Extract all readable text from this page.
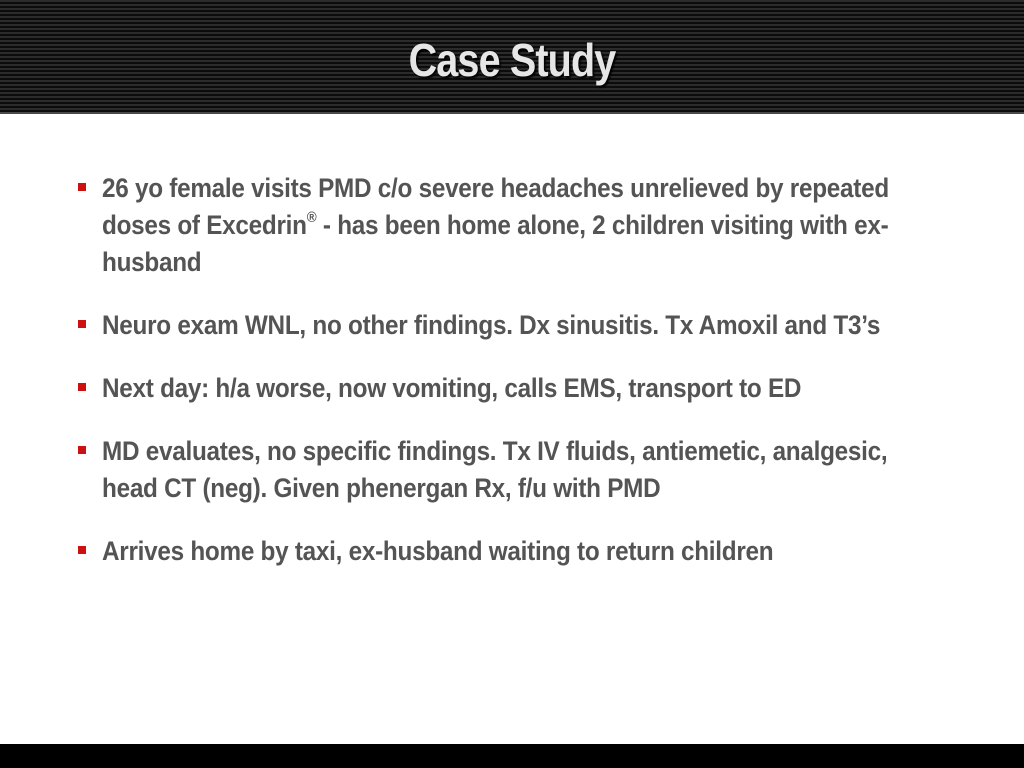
Case Study
26 yo female visits PMD c/o severe headaches unrelieved by repeated doses of Excedrin® - has been home alone, 2 children visiting with ex-husband
Neuro exam WNL, no other findings. Dx sinusitis. Tx Amoxil and T3’s
Next day: h/a worse, now vomiting, calls EMS, transport to ED
MD evaluates, no specific findings. Tx IV fluids, antiemetic, analgesic, head CT (neg). Given phenergan Rx, f/u with PMD
Arrives home by taxi, ex-husband waiting to return children
